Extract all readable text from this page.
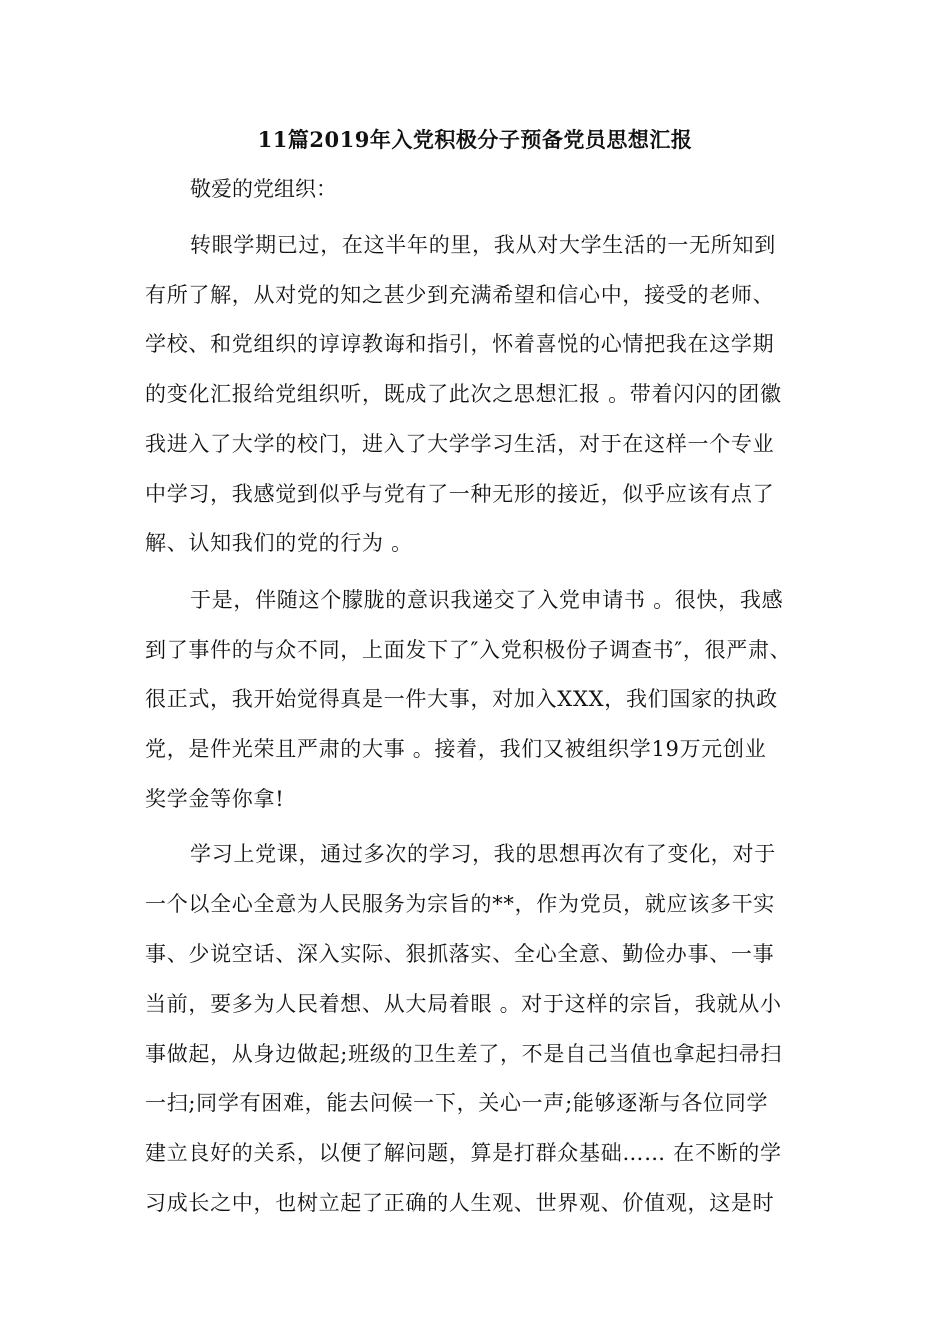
11篇2019年入党积极分子预备党员思想汇报
敬爱的党组织：
转眼学期已过，在这半年的里，我从对大学生活的一无所知到
有所了解，从对党的知之甚少到充满希望和信心中，接受的老师、
学校、和党组织的谆谆教诲和指引，怀着喜悦的心情把我在这学期
的变化汇报给党组织听，既成了此次之思想汇报 。带着闪闪的团徽
我进入了大学的校门，进入了大学学习生活，对于在这样一个专业
中学习，我感觉到似乎与党有了一种无形的接近，似乎应该有点了
解、认知我们的党的行为 。
于是，伴随这个朦胧的意识我递交了入党申请书 。很快，我感
到了事件的与众不同，上面发下了″入党积极份子调查书″，很严肃、
很正式，我开始觉得真是一件大事，对加入XXX，我们国家的执政
党，是件光荣且严肃的大事 。接着，我们又被组织学19万元创业
奖学金等你拿!
学习上党课，通过多次的学习，我的思想再次有了变化，对于
一个以全心全意为人民服务为宗旨的**，作为党员，就应该多干实
事、少说空话、深入实际、狠抓落实、全心全意、勤俭办事、一事
当前，要多为人民着想、从大局着眼 。对于这样的宗旨，我就从小
事做起，从身边做起;班级的卫生差了，不是自己当值也拿起扫帚扫
一扫;同学有困难，能去问候一下，关心一声;能够逐渐与各位同学
建立良好的关系，以便了解问题，算是打群众基础…… 在不断的学
习成长之中，也树立起了正确的人生观、世界观、价值观，这是时
